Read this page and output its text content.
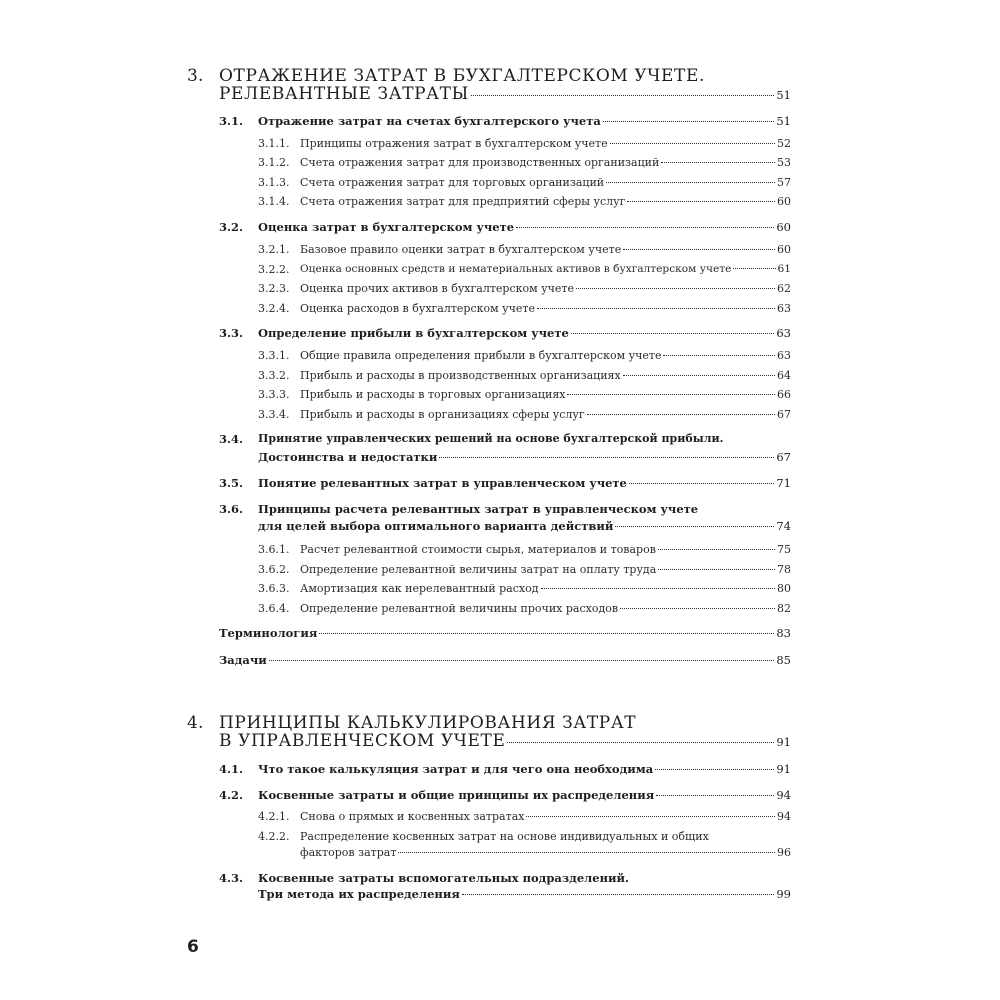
3. ОТРАЖЕНИЕ ЗАТРАТ В БУХГАЛТЕРСКОМ УЧЕТЕ.
РЕЛЕВАНТНЫЕ ЗАТРАТЫ	51
3.1. Отражение затрат на счетах бухгалтерского учета	51
3.1.1. Принципы отражения затрат в бухгалтерском учете	52
3.1.2. Счета отражения затрат для производственных организаций	53
3.1.3. Счета отражения затрат для торговых организаций	57
3.1.4. Счета отражения затрат для предприятий сферы услуг	60
3.2. Оценка затрат в бухгалтерском учете	60
3.2.1. Базовое правило оценки затрат в бухгалтерском учете	60
3.2.2. Оценка основных средств и нематериальных активов в бухгалтерском учете	61
3.2.3. Оценка прочих активов в бухгалтерском учете	62
3.2.4. Оценка расходов в бухгалтерском учете	63
3.3. Определение прибыли в бухгалтерском учете	63
3.3.1. Общие правила определения прибыли в бухгалтерском учете	63
3.3.2. Прибыль и расходы в производственных организациях	64
3.3.3. Прибыль и расходы в торговых организациях	66
3.3.4. Прибыль и расходы в организациях сферы услуг	67
3.4. Принятие управленческих решений на основе бухгалтерской прибыли.
Достоинства и недостатки	67
3.5. Понятие релевантных затрат в управленческом учете	71
3.6. Принципы расчета релевантных затрат в управленческом учете
для целей выбора оптимального варианта действий	74
3.6.1. Расчет релевантной стоимости сырья, материалов и товаров	75
3.6.2. Определение релевантной величины затрат на оплату труда	78
3.6.3. Амортизация как нерелевантный расход	80
3.6.4. Определение релевантной величины прочих расходов	82
Терминология	83
Задачи	85
4. ПРИНЦИПЫ КАЛЬКУЛИРОВАНИЯ ЗАТРАТ
В УПРАВЛЕНЧЕСКОМ УЧЕТЕ	91
4.1. Что такое калькуляция затрат и для чего она необходима	91
4.2. Косвенные затраты и общие принципы их распределения	94
4.2.1. Снова о прямых и косвенных затратах	94
4.2.2. Распределение косвенных затрат на основе индивидуальных и общих
факторов затрат	96
4.3. Косвенные затраты вспомогательных подразделений.
Три метода их распределения	99
6
